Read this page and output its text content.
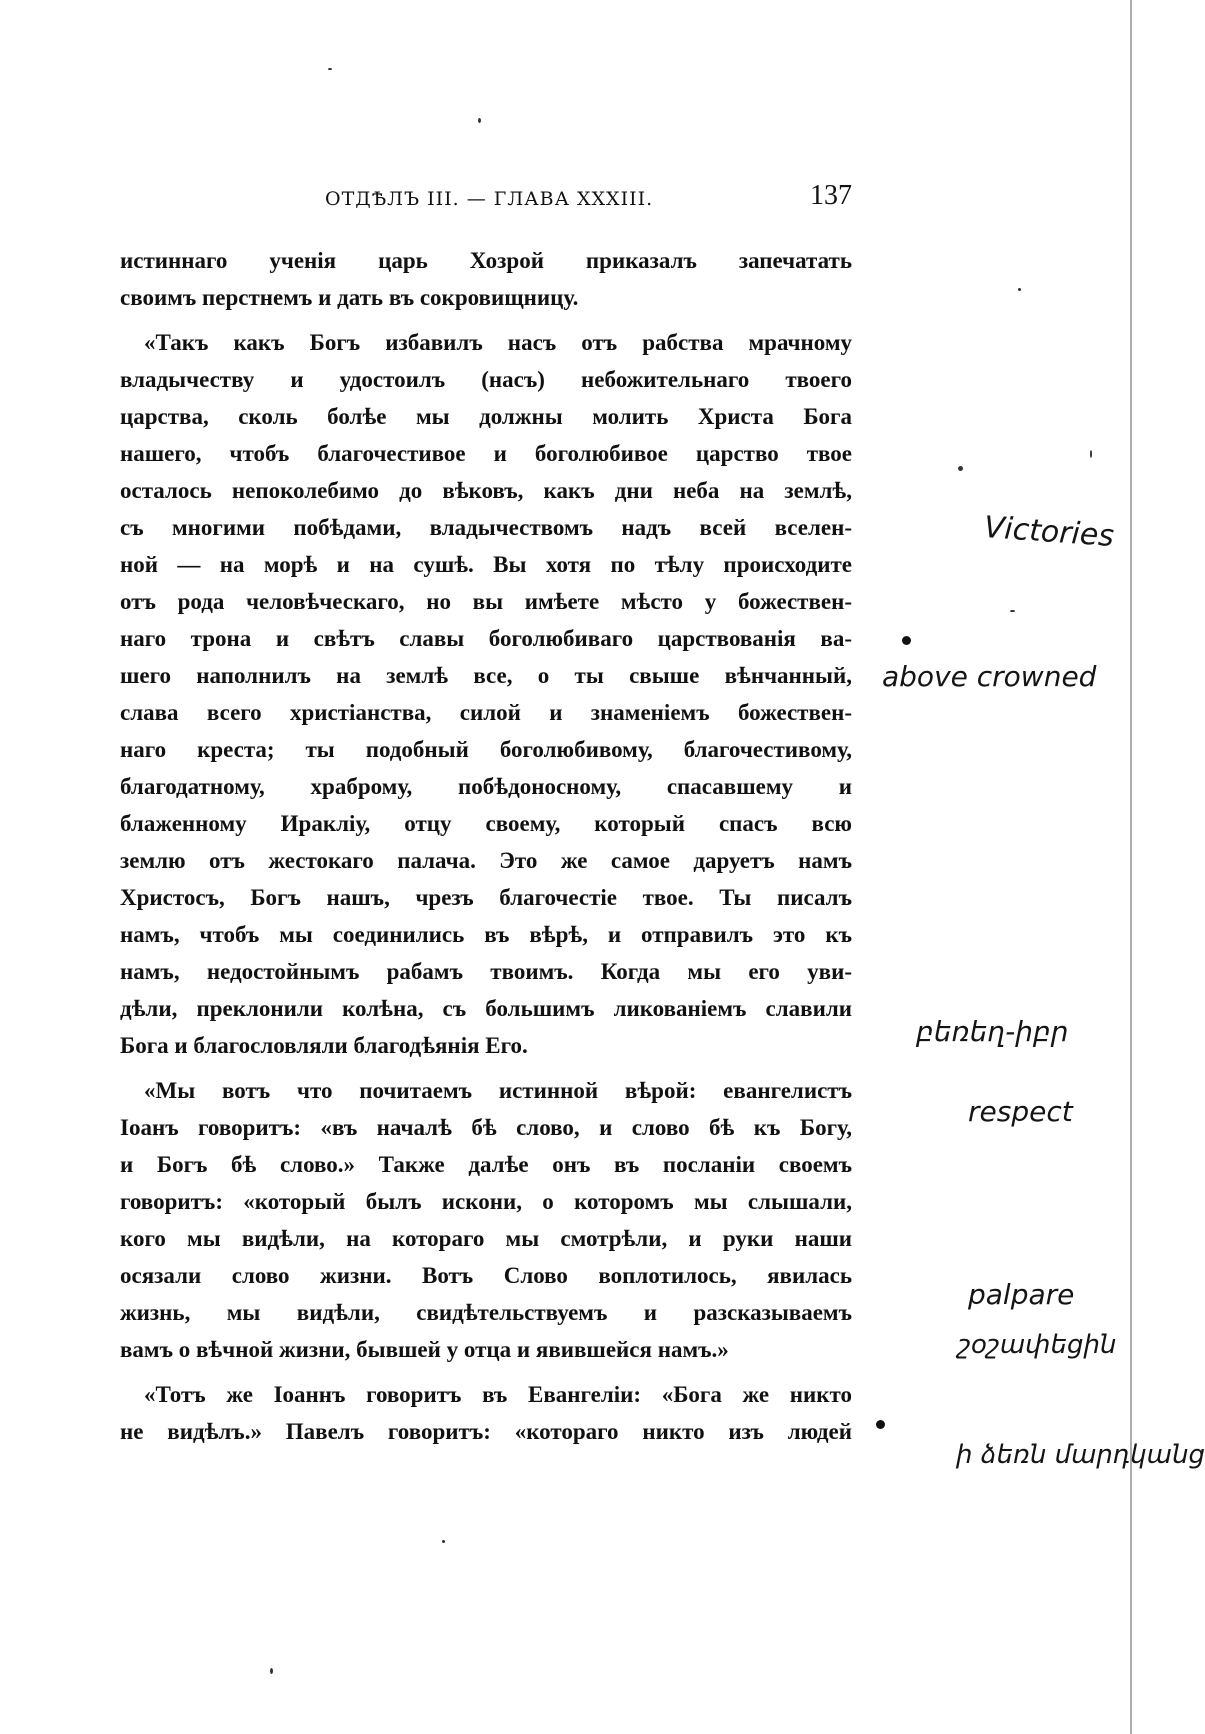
ОТДѢЛЪ III. — ГЛАВА XXXIII.	137
истиннаго ученія царь Хозрой приказалъ запечатать
своимъ перстнемъ и дать въ сокровищницу.
«Такъ какъ Богъ избавилъ насъ отъ рабства мрачному
владычеству и удостоилъ (насъ) небожительнаго твоего
царства, сколь болѣе мы должны молить Христа Бога
нашего, чтобъ благочестивое и боголюбивое царство твое
осталось непоколебимо до вѣковъ, какъ дни неба на землѣ,
съ многими побѣдами, владычествомъ надъ всей вселен-
ной — на морѣ и на сушѣ. Вы хотя по тѣлу происходите
отъ рода человѣческаго, но вы имѣете мѣсто у божествен-
наго трона и свѣтъ славы боголюбиваго царствованія ва-
шего наполнилъ на землѣ все, о ты свыше вѣнчанный,
слава всего христіанства, силой и знаменіемъ божествен-
наго креста; ты подобный боголюбивому, благочестивому,
благодатному, храброму, побѣдоносному, спасавшему и
блаженному Иракліу, отцу своему, который спасъ всю
землю отъ жестокаго палача. Это же самое даруетъ намъ
Христосъ, Богъ нашъ, чрезъ благочестіе твое. Ты писалъ
намъ, чтобъ мы соединились въ вѣрѣ, и отправилъ это къ
намъ, недостойнымъ рабамъ твоимъ. Когда мы его уви-
дѣли, преклонили колѣна, съ большимъ ликованіемъ славили
Бога и благословляли благодѣянія Его.
«Мы вотъ что почитаемъ истинной вѣрой: евангелистъ
Іоанъ говоритъ: «въ началѣ бѣ слово, и слово бѣ къ Богу,
и Богъ бѣ слово.» Также далѣе онъ въ посланіи своемъ
говоритъ: «который былъ искони, о которомъ мы слышали,
кого мы видѣли, на котораго мы смотрѣли, и руки наши
осязали слово жизни. Вотъ Слово воплотилось, явилась
жизнь, мы видѣли, свидѣтельствуемъ и разсказываемъ
вамъ о вѣчной жизни, бывшей у отца и явившейся намъ.»
«Тотъ же Іоаннъ говоритъ въ Евангеліи: «Бога же никто
не видѣлъ.» Павелъ говоритъ: «котораго никто изъ людей
Victories
above crowned
բեռեղ-իբր
respect
palpare
շօշափեցին
ի ձեռն մարդկանց
